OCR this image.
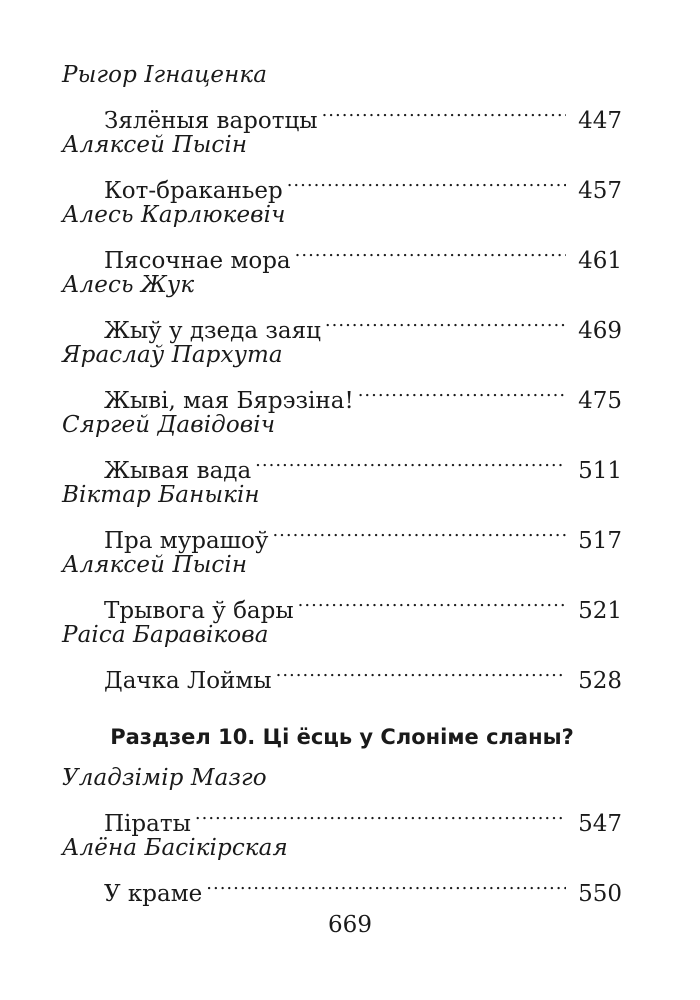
Рыгор Ігнаценка
Зялёныя варотцы .....	447
Аляксей Пысін
Кот-браканьер .....	457
Алесь Карлюкевіч
Пясочнае мора .....	461
Алесь Жук
Жыў у дзеда заяц .....	469
Яраслаў Пархута
Жыві, мая Бярэзіна! .....	475
Сяргей Давідовіч
Жывая вада .....	511
Віктар Баныкін
Пра мурашоў .....	517
Аляксей Пысін
Трывога ў бары .....	521
Раіса Баравікова
Дачка Лоймы .....	528
Раздзел 10. Ці ёсць у Слоніме сланы?
Уладзімір Мазго
Піраты .....	547
Алёна Басікірская
У краме .....	550
669
